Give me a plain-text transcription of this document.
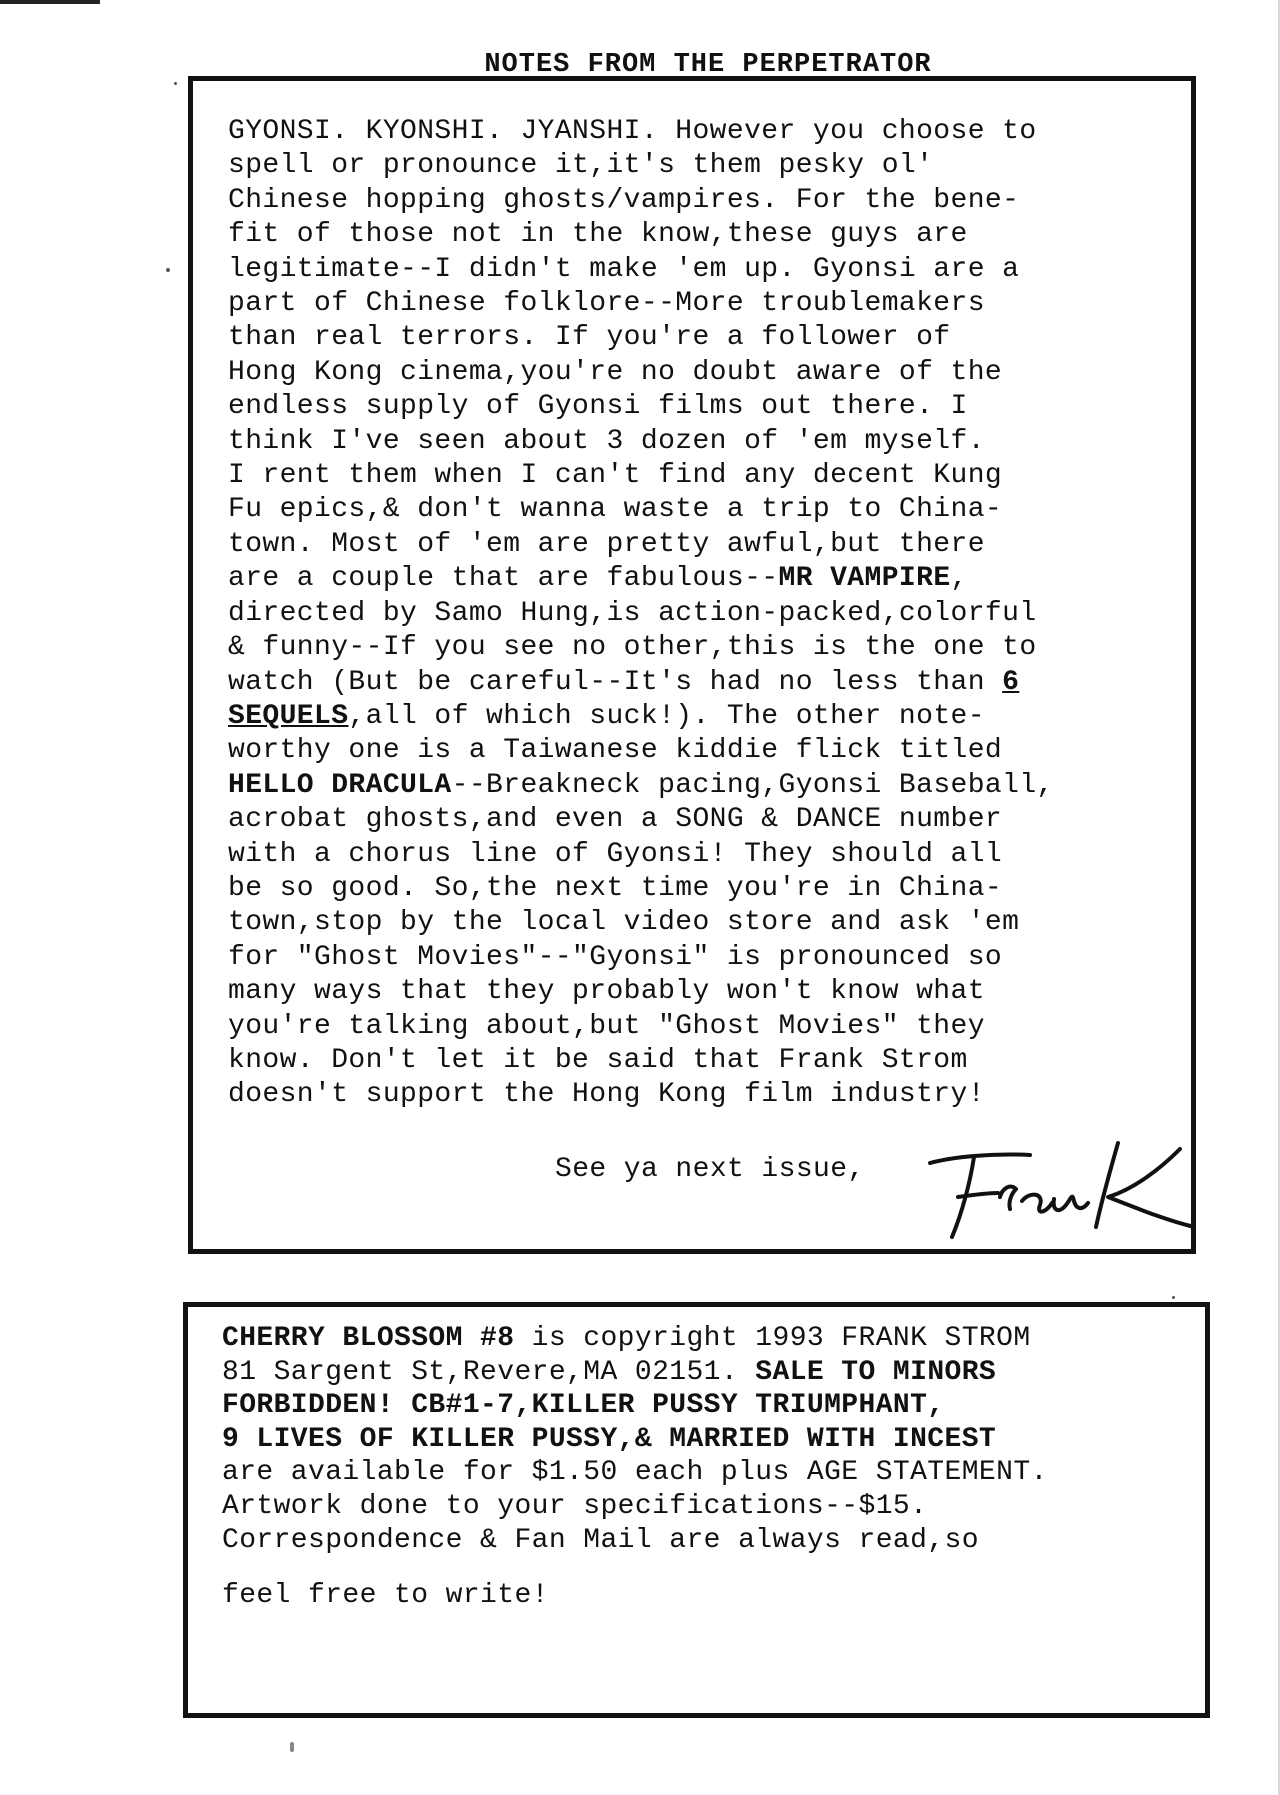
NOTES FROM THE PERPETRATOR
GYONSI. KYONSHI. JYANSHI. However you choose to
spell or pronounce it,it's them pesky ol'
Chinese hopping ghosts/vampires. For the bene-
fit of those not in the know,these guys are
legitimate--I didn't make 'em up. Gyonsi are a
part of Chinese folklore--More troublemakers
than real terrors. If you're a follower of
Hong Kong cinema,you're no doubt aware of the
endless supply of Gyonsi films out there. I
think I've seen about 3 dozen of 'em myself.
I rent them when I can't find any decent Kung
Fu epics,& don't wanna waste a trip to China-
town. Most of 'em are pretty awful,but there
are a couple that are fabulous--MR VAMPIRE,
directed by Samo Hung,is action-packed,colorful
& funny--If you see no other,this is the one to
watch (But be careful--It's had no less than 6
SEQUELS,all of which suck!). The other note-
worthy one is a Taiwanese kiddie flick titled
HELLO DRACULA--Breakneck pacing,Gyonsi Baseball,
acrobat ghosts,and even a SONG & DANCE number
with a chorus line of Gyonsi! They should all
be so good. So,the next time you're in China-
town,stop by the local video store and ask 'em
for "Ghost Movies"--"Gyonsi" is pronounced so
many ways that they probably won't know what
you're talking about,but "Ghost Movies" they
know. Don't let it be said that Frank Strom
doesn't support the Hong Kong film industry!
See ya next issue,
CHERRY BLOSSOM #8 is copyright 1993 FRANK STROM
81 Sargent St,Revere,MA 02151. SALE TO MINORS
FORBIDDEN! CB#1-7,KILLER PUSSY TRIUMPHANT,
9 LIVES OF KILLER PUSSY,& MARRIED WITH INCEST
are available for $1.50 each plus AGE STATEMENT.
Artwork done to your specifications--$15.
Correspondence & Fan Mail are always read,so
feel free to write!
